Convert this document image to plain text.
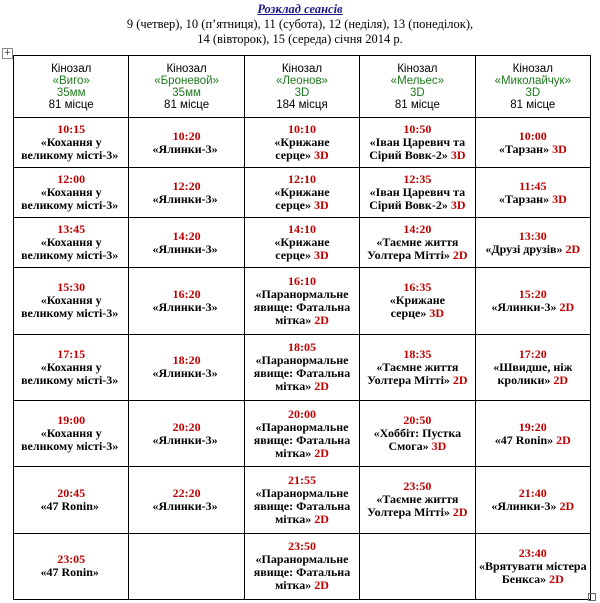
Розклад сеансів
9 (четвер), 10 (п’ятниця), 11 (субота), 12 (неділя), 13 (понеділок),
14 (вівторок), 15 (середа) січня 2014 р.
+
Кінозал
«Виго»
35мм
81 місце	Кінозал
«Броневой»
35мм
81 місце	Кінозал
«Леонов»
3D
184 місця	Кінозал
«Мельес»
3D
81 місце	Кінозал
«Миколайчук»
3D
81 місце

10:15
«Кохання у великому місті-3»	10:20
«Ялинки-3»	10:10
«Крижане серце» 3D	10:50
«Іван Царевич та Сірий Вовк-2» 3D	10:00
«Тарзан» 3D

12:00
«Кохання у великому місті-3»	12:20
«Ялинки-3»	12:10
«Крижане серце» 3D	12:35
«Іван Царевич та Сірий Вовк-2» 3D	11:45
«Тарзан» 3D

13:45
«Кохання у великому місті-3»	14:20
«Ялинки-3»	14:10
«Крижане серце» 3D	14:20
«Таємне життя Уолтера Мітті» 2D	13:30
«Друзі друзів» 2D

15:30
«Кохання у великому місті-3»	16:20
«Ялинки-3»	16:10
«Паранормальне явище: Фатальна мітка» 2D	16:35
«Крижане серце» 3D	15:20
«Ялинки-3» 2D

17:15
«Кохання у великому місті-3»	18:20
«Ялинки-3»	18:05
«Паранормальне явище: Фатальна мітка» 2D	18:35
«Таємне життя Уолтера Мітті» 2D	17:20
«Швидше, ніж кролики» 2D

19:00
«Кохання у великому місті-3»	20:20
«Ялинки-3»	20:00
«Паранормальне явище: Фатальна мітка» 2D	20:50
«Хоббіт: Пустка Смога» 3D	19:20
«47 Ronin» 2D

20:45
«47 Ronin»	22:20
«Ялинки-3»	21:55
«Паранормальне явище: Фатальна мітка» 2D	23:50
«Таємне життя Уолтера Мітті» 2D	21:40
«Ялинки-3» 2D

23:05
«47 Ronin»		23:50
«Паранормальне явище: Фатальна мітка» 2D		23:40
«Врятувати містера Бенкса» 2D
